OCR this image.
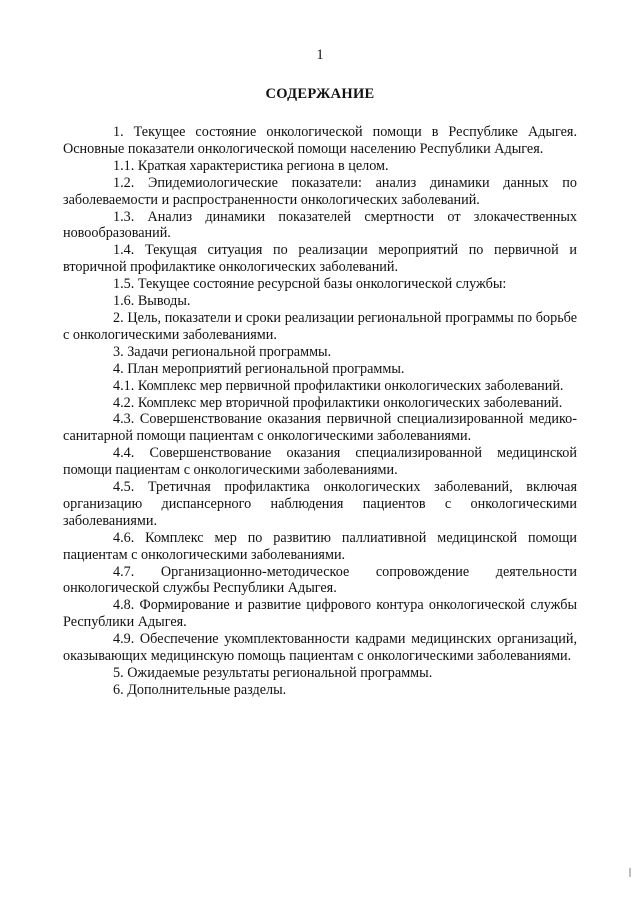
1
СОДЕРЖАНИЕ
1. Текущее состояние онкологической помощи в Республике Адыгея. Основные показатели онкологической помощи населению Республики Адыгея.
1.1. Краткая характеристика региона в целом.
1.2. Эпидемиологические показатели: анализ динамики данных по заболеваемости и распространенности онкологических заболеваний.
1.3. Анализ динамики показателей смертности от злокачественных новообразований.
1.4. Текущая ситуация по реализации мероприятий по первичной и вторичной профилактике онкологических заболеваний.
1.5. Текущее состояние ресурсной базы онкологической службы:
1.6. Выводы.
2. Цель, показатели и сроки реализации региональной программы по борьбе с онкологическими заболеваниями.
3. Задачи региональной программы.
4. План мероприятий региональной программы.
4.1. Комплекс мер первичной профилактики онкологических заболеваний.
4.2. Комплекс мер вторичной профилактики онкологических заболеваний.
4.3. Совершенствование оказания первичной специализированной медико-санитарной помощи пациентам с онкологическими заболеваниями.
4.4. Совершенствование оказания специализированной медицинской помощи пациентам с онкологическими заболеваниями.
4.5. Третичная профилактика онкологических заболеваний, включая организацию диспансерного наблюдения пациентов с онкологическими заболеваниями.
4.6. Комплекс мер по развитию паллиативной медицинской помощи пациентам с онкологическими заболеваниями.
4.7. Организационно-методическое сопровождение деятельности онкологической службы Республики Адыгея.
4.8. Формирование и развитие цифрового контура онкологической службы Республики Адыгея.
4.9. Обеспечение укомплектованности кадрами медицинских организаций, оказывающих медицинскую помощь пациентам с онкологическими заболеваниями.
5. Ожидаемые результаты региональной программы.
6. Дополнительные разделы.
